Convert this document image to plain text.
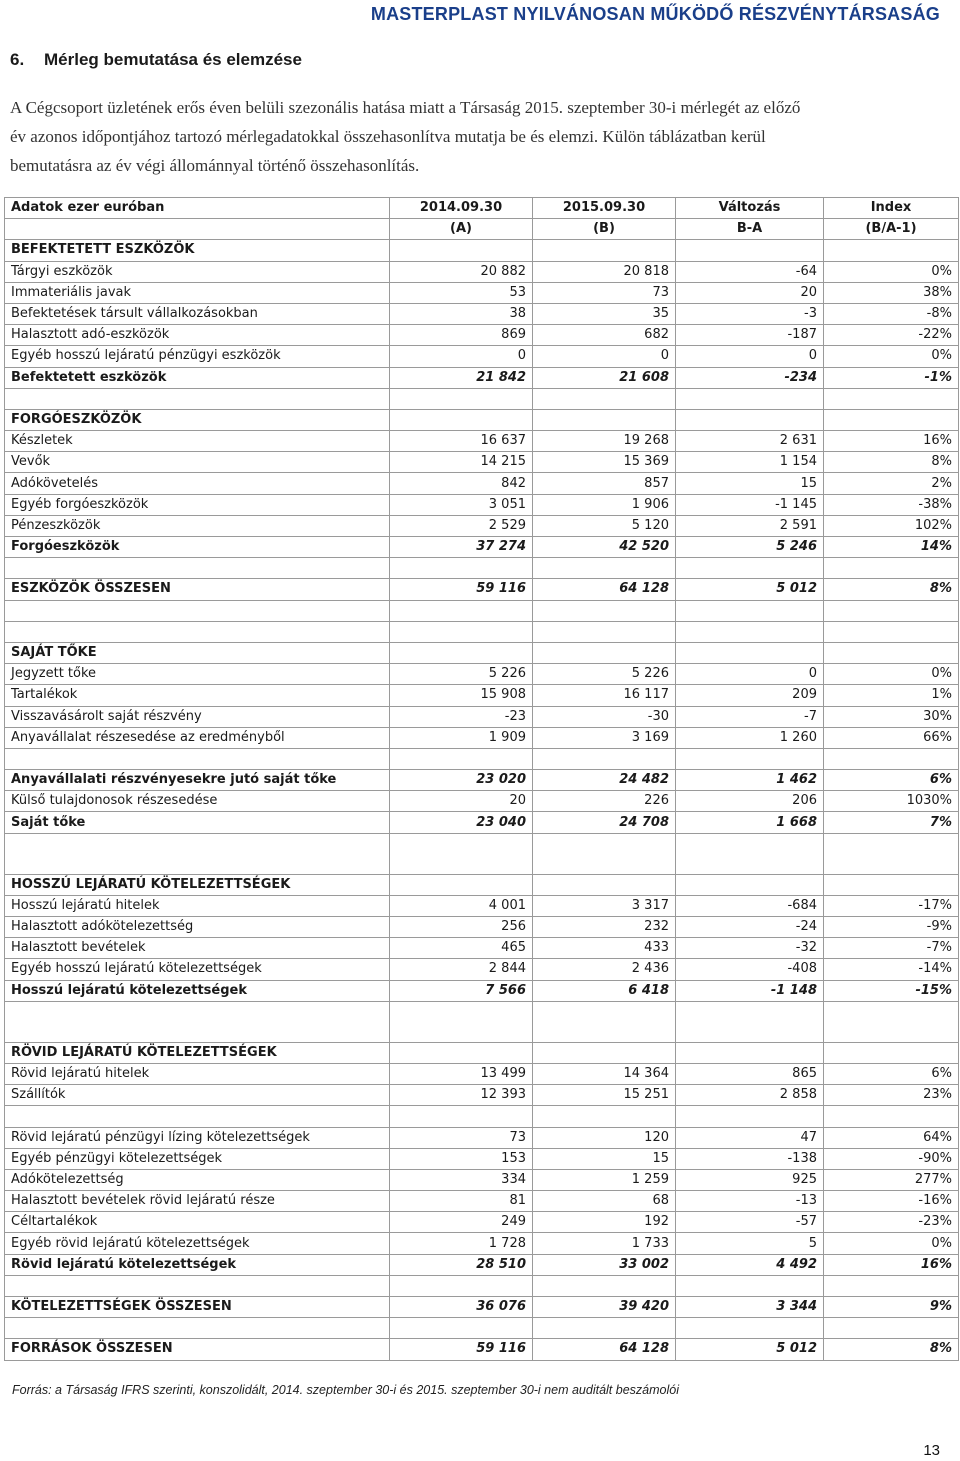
MASTERPLAST NYILVÁNOSAN MŰKÖDŐ RÉSZVÉNYTÁRSASÁG
6. Mérleg bemutatása és elemzése

A Cégcsoport üzletének erős éven belüli szezonális hatása miatt a Társaság 2015. szeptember 30-i mérlegét az előző

év azonos időpontjához tartozó mérlegadatokkal összehasonlítva mutatja be és elemzi. Külön táblázatban kerül

bemutatásra az év végi állománnyal történő összehasonlítás.

Adatok ezer euróban	2014.09.30	2015.09.30	Változás	Index
	(A)	(B)	B-A	(B/A-1)
BEFEKTETETT ESZKÖZÖK				
Tárgyi eszközök	20 882	20 818	-64	0%
Immateriális javak	53	73	20	38%
Befektetések társult vállalkozásokban	38	35	-3	-8%
Halasztott adó-eszközök	869	682	-187	-22%
Egyéb hosszú lejáratú pénzügyi eszközök	0	0	0	0%
Befektetett eszközök	21 842	21 608	-234	-1%

FORGÓESZKÖZÖK				
Készletek	16 637	19 268	2 631	16%
Vevők	14 215	15 369	1 154	8%
Adókövetelés	842	857	15	2%
Egyéb forgóeszközök	3 051	1 906	-1 145	-38%
Pénzeszközök	2 529	5 120	2 591	102%
Forgóeszközök	37 274	42 520	5 246	14%

ESZKÖZÖK ÖSSZESEN	59 116	64 128	5 012	8%

SAJÁT TŐKE				
Jegyzett tőke	5 226	5 226	0	0%
Tartalékok	15 908	16 117	209	1%
Visszavásárolt saját részvény	-23	-30	-7	30%
Anyavállalat részesedése az eredményből	1 909	3 169	1 260	66%

Anyavállalati részvényesekre jutó saját tőke	23 020	24 482	1 462	6%
Külső tulajdonosok részesedése	20	226	206	1030%
Saját tőke	23 040	24 708	1 668	7%

HOSSZÚ LEJÁRATÚ KÖTELEZETTSÉGEK				
Hosszú lejáratú hitelek	4 001	3 317	-684	-17%
Halasztott adókötelezettség	256	232	-24	-9%
Halasztott bevételek	465	433	-32	-7%
Egyéb hosszú lejáratú kötelezettségek	2 844	2 436	-408	-14%
Hosszú lejáratú kötelezettségek	7 566	6 418	-1 148	-15%

RÖVID LEJÁRATÚ KÖTELEZETTSÉGEK				
Rövid lejáratú hitelek	13 499	14 364	865	6%
Szállítók	12 393	15 251	2 858	23%

Rövid lejáratú pénzügyi lízing kötelezettségek	73	120	47	64%
Egyéb pénzügyi kötelezettségek	153	15	-138	-90%
Adókötelezettség	334	1 259	925	277%
Halasztott bevételek rövid lejáratú része	81	68	-13	-16%
Céltartalékok	249	192	-57	-23%
Egyéb rövid lejáratú kötelezettségek	1 728	1 733	5	0%
Rövid lejáratú kötelezettségek	28 510	33 002	4 492	16%

KÖTELEZETTSÉGEK ÖSSZESEN	36 076	39 420	3 344	9%

FORRÁSOK ÖSSZESEN	59 116	64 128	5 012	8%
Forrás: a Társaság IFRS szerinti, konszolidált, 2014. szeptember 30-i és 2015. szeptember 30-i nem auditált beszámolói
13
